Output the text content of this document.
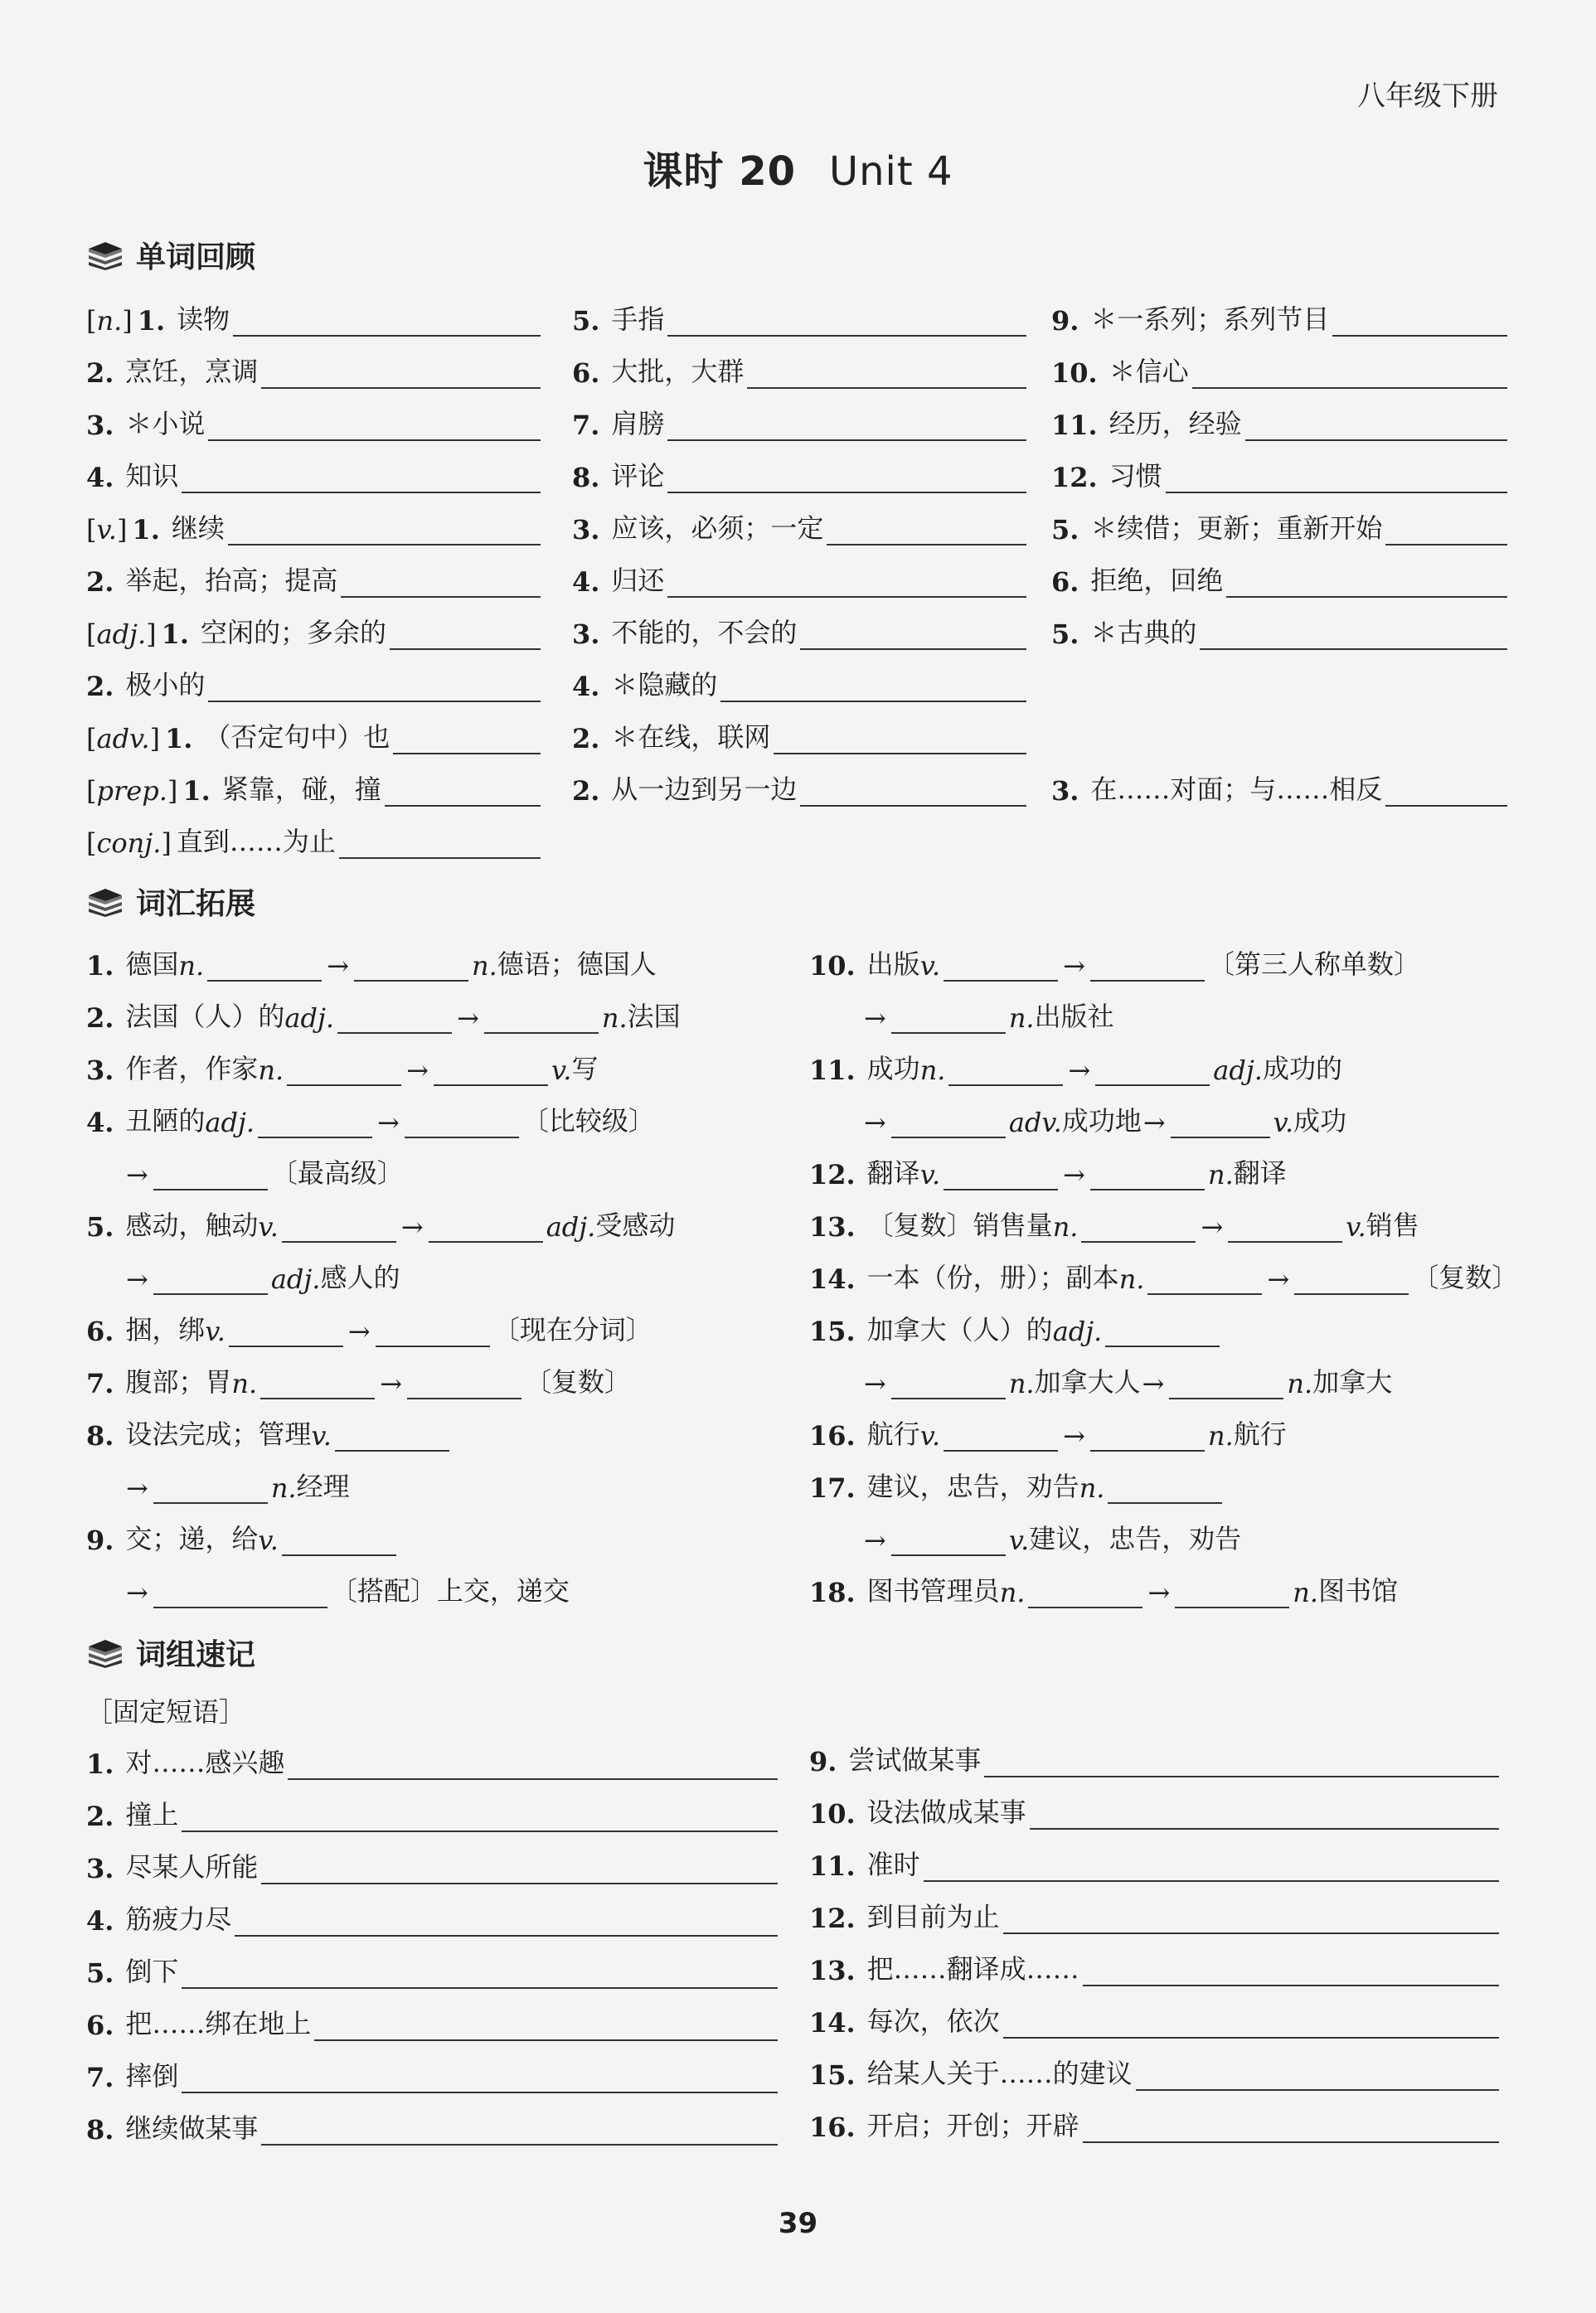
八年级下册
课时 20 Unit 4
单词回顾
[n.] 1. 读物	5. 手指	9. ＊一系列；系列节目
2. 烹饪，烹调	6. 大批，大群	10. ＊信心
3. ＊小说	7. 肩膀	11. 经历，经验
4. 知识	8. 评论	12. 习惯
[v.] 1. 继续	3. 应该，必须；一定	5. ＊续借；更新；重新开始
2. 举起，抬高；提高	4. 归还	6. 拒绝，回绝
[adj.] 1. 空闲的；多余的	3. 不能的，不会的	5. ＊古典的
2. 极小的	4. ＊隐藏的
[adv.] 1. （否定句中）也	2. ＊在线，联网
[prep.] 1. 紧靠，碰，撞	2. 从一边到另一边	3. 在……对面；与……相反
[conj.] 直到……为止
词汇拓展
1. 德国 n.	→	n. 德语；德国人
2. 法国（人）的 adj.	→	n. 法国
3. 作者，作家 n.	→	v. 写
4. 丑陋的 adj.	→	〔比较级〕
→	〔最高级〕
5. 感动，触动 v.	→	adj. 受感动
→	adj. 感人的
6. 捆，绑 v.	→	〔现在分词〕
7. 腹部；胃 n.	→	〔复数〕
8. 设法完成；管理 v.
→	n. 经理
9. 交；递，给 v.
→	〔搭配〕上交，递交
10. 出版 v.	→	〔第三人称单数〕
→	n. 出版社
11. 成功 n.	→	adj. 成功的
→	adv. 成功地 →	v. 成功
12. 翻译 v.	→	n. 翻译
13. 〔复数〕销售量 n.	→	v. 销售
14. 一本（份，册）；副本 n.	→	〔复数〕
15. 加拿大（人）的 adj.
→	n. 加拿大人 →	n. 加拿大
16. 航行 v.	→	n. 航行
17. 建议，忠告，劝告 n.
→	v. 建议，忠告，劝告
18. 图书管理员 n.	→	n. 图书馆
词组速记
［固定短语］
1. 对……感兴趣
2. 撞上
3. 尽某人所能
4. 筋疲力尽
5. 倒下
6. 把……绑在地上
7. 摔倒
8. 继续做某事
9. 尝试做某事
10. 设法做成某事
11. 准时
12. 到目前为止
13. 把……翻译成……
14. 每次，依次
15. 给某人关于……的建议
16. 开启；开创；开辟
39
